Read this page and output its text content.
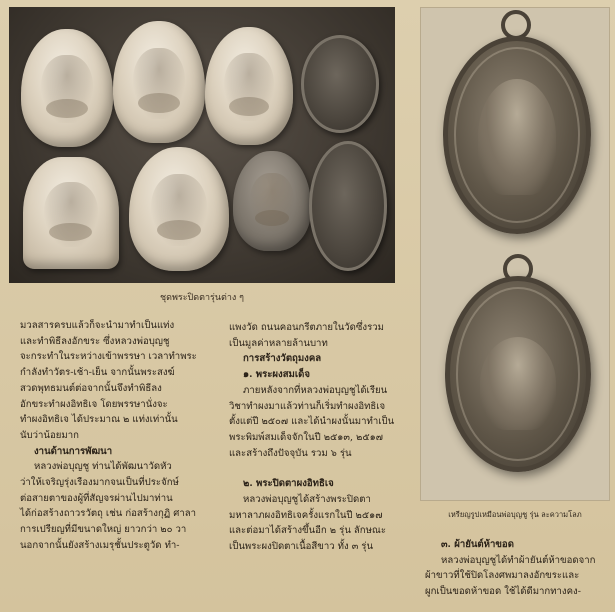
ชุดพระปิดตารุ่นต่าง ๆ
เหรียญรูปเหมือนพ่อบุญชู รุ่น ละความโลภ

มวลสารครบแล้วก็จะนำมาทำเป็นแท่ง

และทำพิธีลงอักขระ ซึ่งหลวงพ่อบุญชู

จะกระทำในระหว่างเข้าพรรษา เวลาทำพระ

กำลังทำวัตร-เช้า-เย็น จากนั้นพระสงฆ์

สวดพุทธมนต์ต่อจากนั้นจึงทำพิธีลง

อักขระทำผงอิทธิเจ โดยพรรษานั่งจะ

ทำผงอิทธิเจ ได้ประมาณ ๒ แท่งเท่านั้น

นับว่าน้อยมาก

งานด้านการพัฒนา

หลวงพ่อบุญชู ท่านได้พัฒนาวัดหัว

ว่าให้เจริญรุ่งเรืองมากจนเป็นที่ประจักษ์

ต่อสายตาของผู้ที่สัญจรผ่านไปมาท่าน

ได้ก่อสร้างถาวรวัตถุ เช่น ก่อสร้างกุฏิ ศาลา

การเปรียญที่มีขนาดใหญ่ ยาวกว่า ๒๐ วา

นอกจากนั้นยังสร้างเมรุชั้นประตูวัด ทำ-

แพงวัด ถนนคอนกรีตภายในวัดซึ่งรวม

เป็นมูลค่าหลายล้านบาท

การสร้างวัตถุมงคล

๑. พระผงสมเด็จ

ภายหลังจากที่หลวงพ่อบุญชูได้เรียน

วิชาทำผงมาแล้วท่านก็เริ่มทำผงอิทธิเจ

ตั้งแต่ปี ๒๕๐๗ และได้นำผงนั้นมาทำเป็น

พระพิมพ์สมเด็จจักในปี ๒๕๑๓, ๒๕๑๗

และสร้างถึงปัจจุบัน รวม ๖ รุ่น

๒. พระปิดตาผงอิทธิเจ

หลวงพ่อบุญชูได้สร้างพระปิดตา

มหาลาภผงอิทธิเจครั้งแรกในปี ๒๕๑๗

และต่อมาได้สร้างขึ้นอีก ๒ รุ่น ลักษณะ

เป็นพระผงปิดตาเนื้อสีขาว ทั้ง ๓ รุ่น	๓. ผ้ายันต์ห้าขอด

หลวงพ่อบุญชูได้ทำผ้ายันต์ห้าขอดจาก

ผ้าขาวที่ใช้ปิดโลงศพมาลงอักขระและ

ผูกเป็นขอดห้าขอด ใช้ได้ดีมากทางคง-
